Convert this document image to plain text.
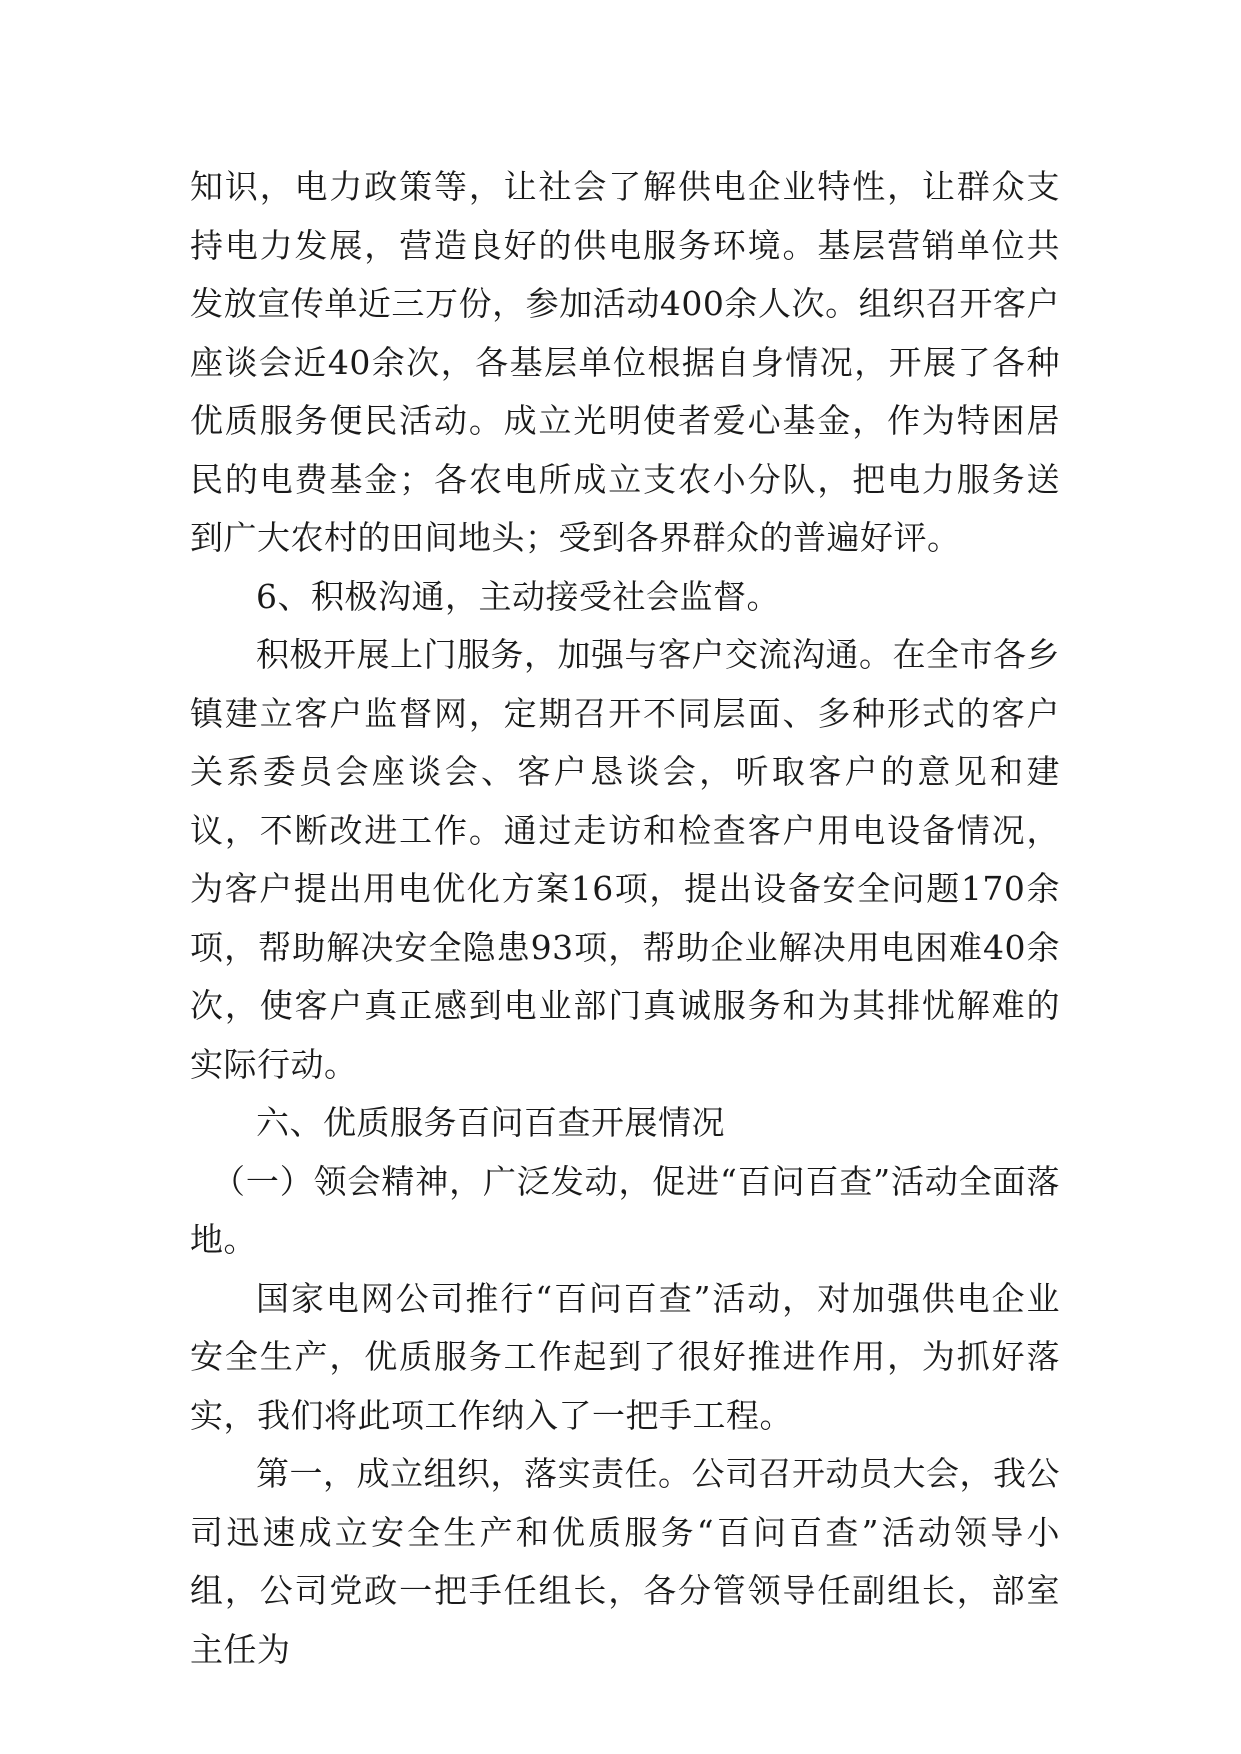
知识，电力政策等，让社会了解供电企业特性，让群众支持电力发展，营造良好的供电服务环境。基层营销单位共发放宣传单近三万份，参加活动400余人次。组织召开客户座谈会近40余次，各基层单位根据自身情况，开展了各种优质服务便民活动。成立光明使者爱心基金，作为特困居民的电费基金；各农电所成立支农小分队，把电力服务送到广大农村的田间地头；受到各界群众的普遍好评。

6、积极沟通，主动接受社会监督。

积极开展上门服务，加强与客户交流沟通。在全市各乡镇建立客户监督网，定期召开不同层面、多种形式的客户关系委员会座谈会、客户恳谈会，听取客户的意见和建议，不断改进工作。通过走访和检查客户用电设备情况，为客户提出用电优化方案16项，提出设备安全问题170余项，帮助解决安全隐患93项，帮助企业解决用电困难40余次，使客户真正感到电业部门真诚服务和为其排忧解难的实际行动。

六、优质服务百问百查开展情况

（一）领会精神，广泛发动，促进“百问百查”活动全面落地。

国家电网公司推行“百问百查”活动，对加强供电企业安全生产，优质服务工作起到了很好推进作用，为抓好落实，我们将此项工作纳入了一把手工程。

第一，成立组织，落实责任。公司召开动员大会，我公司迅速成立安全生产和优质服务“百问百查”活动领导小组，公司党政一把手任组长，各分管领导任副组长，部室主任为
